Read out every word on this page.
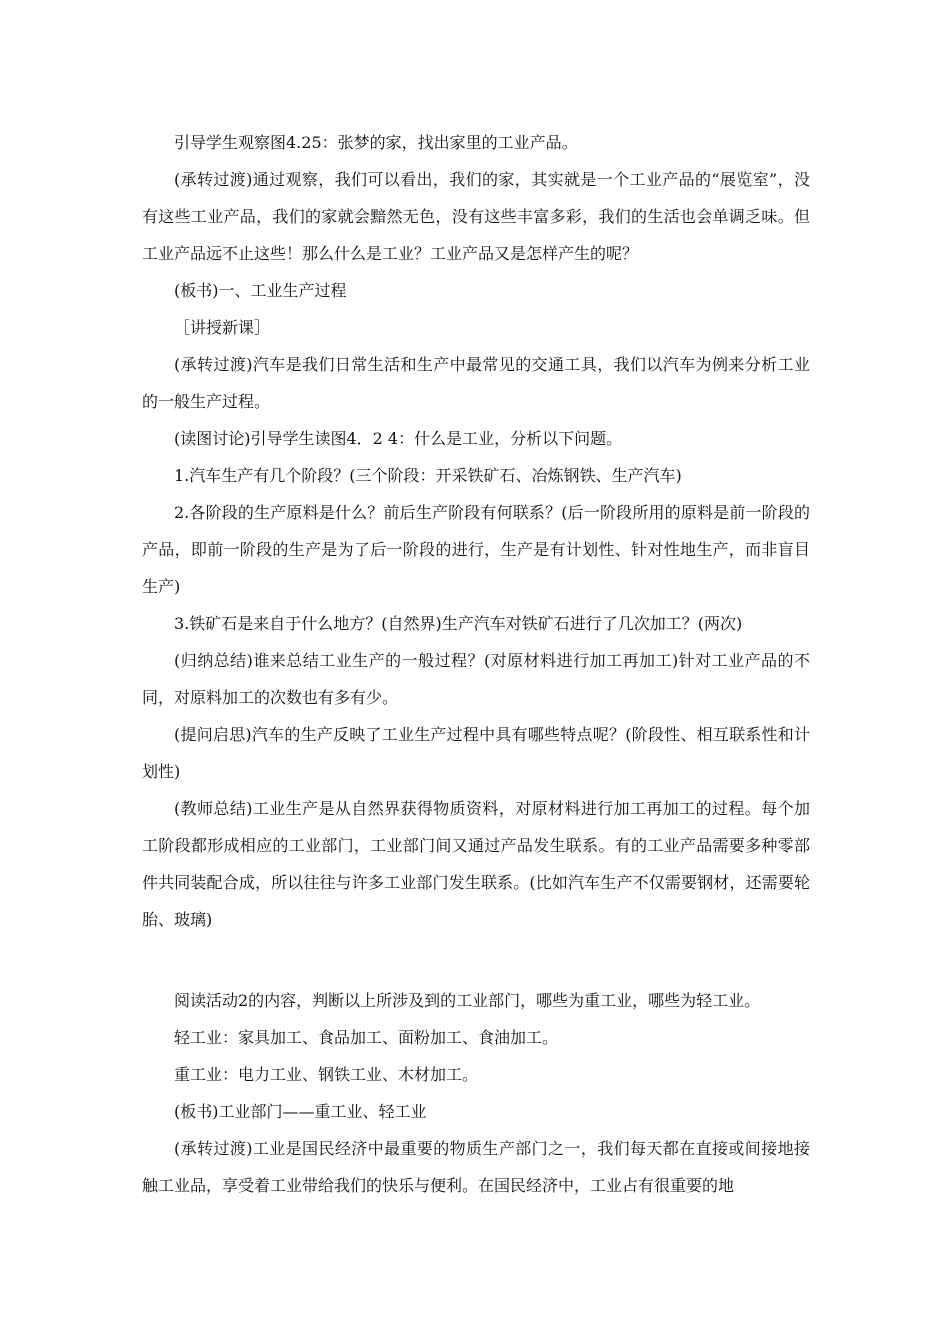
引导学生观察图4.25：张梦的家，找出家里的工业产品。

(承转过渡)通过观察，我们可以看出，我们的家，其实就是一个工业产品的“展览室”，没有这些工业产品，我们的家就会黯然无色，没有这些丰富多彩，我们的生活也会单调乏味。但工业产品远不止这些！那么什么是工业？工业产品又是怎样产生的呢？

(板书)一、工业生产过程

［讲授新课］

(承转过渡)汽车是我们日常生活和生产中最常见的交通工具，我们以汽车为例来分析工业的一般生产过程。

(读图讨论)引导学生读图4．2 4：什么是工业，分析以下问题。

1.汽车生产有几个阶段？(三个阶段：开采铁矿石、冶炼钢铁、生产汽车)

2.各阶段的生产原料是什么？前后生产阶段有何联系？(后一阶段所用的原料是前一阶段的产品，即前一阶段的生产是为了后一阶段的进行，生产是有计划性、针对性地生产，而非盲目生产)

3.铁矿石是来自于什么地方？(自然界)生产汽车对铁矿石进行了几次加工？(两次)

(归纳总结)谁来总结工业生产的一般过程？(对原材料进行加工再加工)针对工业产品的不同，对原料加工的次数也有多有少。

(提问启思)汽车的生产反映了工业生产过程中具有哪些特点呢？(阶段性、相互联系性和计划性)

(教师总结)工业生产是从自然界获得物质资料，对原材料进行加工再加工的过程。每个加工阶段都形成相应的工业部门，工业部门间又通过产品发生联系。有的工业产品需要多种零部件共同装配合成，所以往往与许多工业部门发生联系。(比如汽车生产不仅需要钢材，还需要轮胎、玻璃)

阅读活动2的内容，判断以上所涉及到的工业部门，哪些为重工业，哪些为轻工业。

轻工业：家具加工、食品加工、面粉加工、食油加工。

重工业：电力工业、钢铁工业、木材加工。

(板书)工业部门——重工业、轻工业

(承转过渡)工业是国民经济中最重要的物质生产部门之一，我们每天都在直接或间接地接触工业品，享受着工业带给我们的快乐与便利。在国民经济中，工业占有很重要的地
